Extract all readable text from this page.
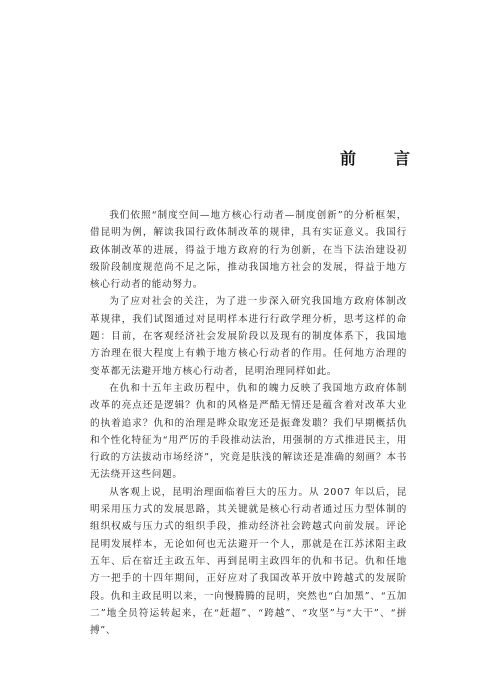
前 言

我们依照“制度空间—地方核心行动者—制度创新”的分析框架，借昆明为例，解读我国行政体制改革的规律，具有实证意义。我国行政体制改革的进展，得益于地方政府的行为创新，在当下法治建设初级阶段制度规范尚不足之际，推动我国地方社会的发展，得益于地方核心行动者的能动努力。

为了应对社会的关注，为了进一步深入研究我国地方政府体制改革规律，我们试图通过对昆明样本进行行政学理分析，思考这样的命题：目前，在客观经济社会发展阶段以及现有的制度体系下，我国地方治理在很大程度上有赖于地方核心行动者的作用。任何地方治理的变革都无法避开地方核心行动者，昆明治理同样如此。

在仇和十五年主政历程中，仇和的魄力反映了我国地方政府体制改革的亮点还是逻辑？仇和的风格是严酷无情还是蕴含着对改革大业的执着追求？仇和的治理是晔众取宠还是振聋发聩？我们早期概括仇和个性化特征为“用严厉的手段推动法治，用强制的方式推进民主，用行政的方法拔动市场经济”，究竟是肤浅的解读还是准确的刻画？本书无法绕开这些问题。

从客观上说，昆明治理面临着巨大的压力。从 2007 年以后，昆明采用压力式的发展思路，其关键就是核心行动者通过压力型体制的组织权威与压力式的组织手段，推动经济社会跨越式向前发展。评论昆明发展样本，无论如何也无法避开一个人，那就是在江苏沭阳主政五年、后在宿迁主政五年、再到昆明主政四年的仇和书记。仇和任地方一把手的十四年期间，正好应对了我国改革开放中跨越式的发展阶段。仇和主政昆明以来，一向慢腾腾的昆明，突然也“白加黑”、“五加二”地全员符运转起来，在“赶超”、“跨越”、“攻坚”与“大干”、“拼搏”、
